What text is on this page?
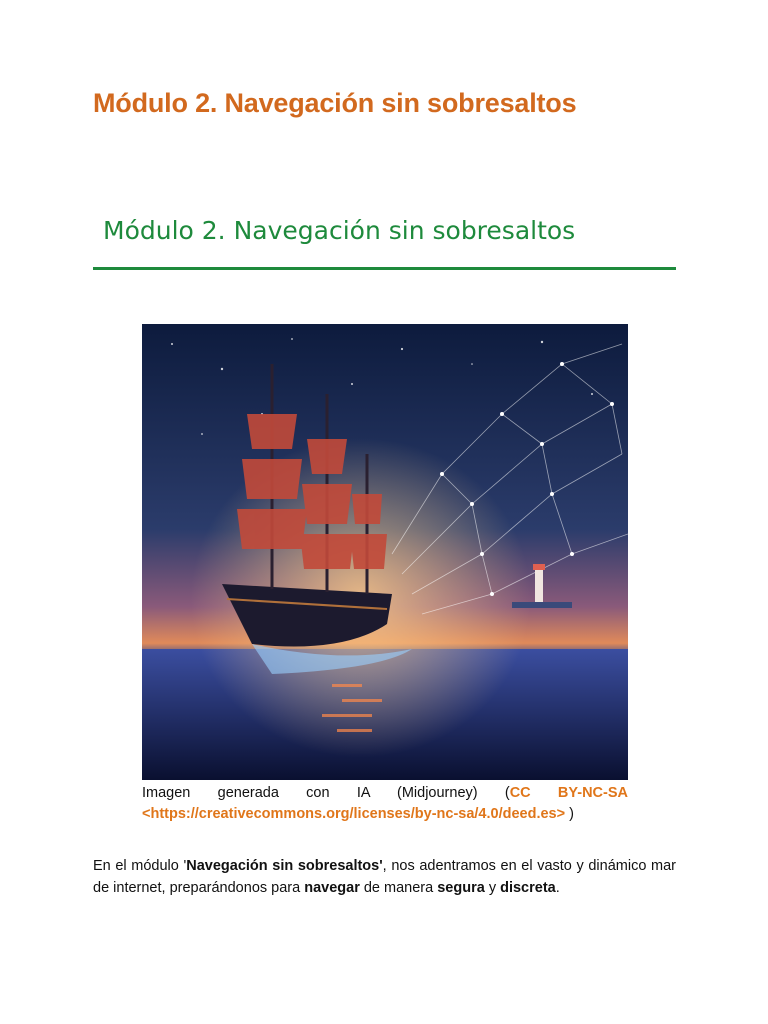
Módulo 2. Navegación sin sobresaltos
Módulo 2. Navegación sin sobresaltos
Imagen generada con IA (Midjourney) (CC BY-NC-SA <https://creativecommons.org/licenses/by-nc-sa/4.0/deed.es> )

En el módulo 'Navegación sin sobresaltos', nos adentramos en el vasto y dinámico mar de internet, preparándonos para navegar de manera segura y discreta.
